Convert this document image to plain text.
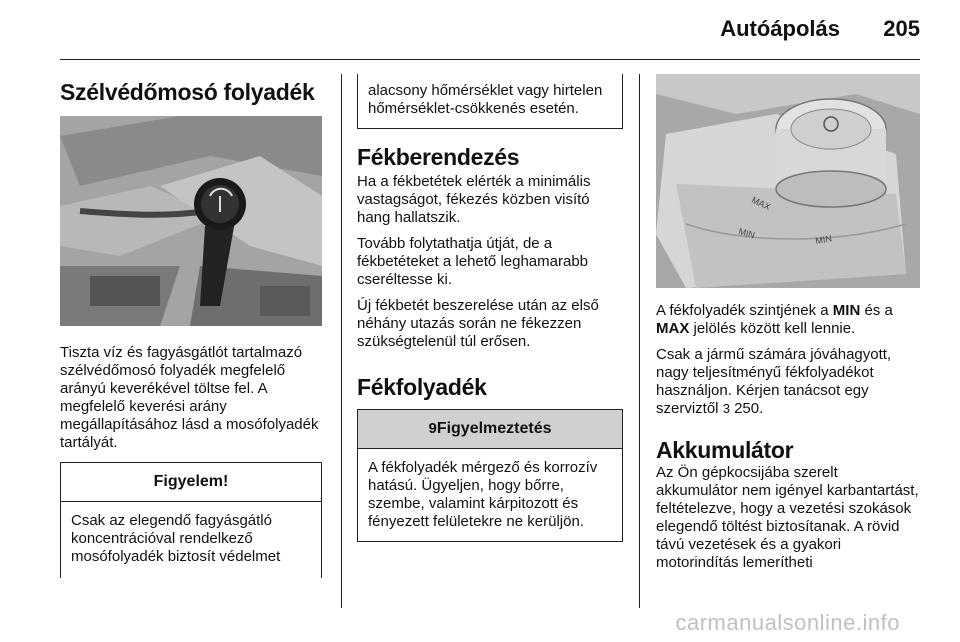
Autóápolás 205
Szélvédőmosó folyadék

Tiszta víz és fagyásgátlót tartalmazó szélvédőmosó folyadék megfelelő arányú keverékével töltse fel. A megfelelő keverési arány megállapításához lásd a mosófolyadék tartályát.

Figyelem!
Csak az elegendő fagyásgátló koncentrációval rendelkező mosófolyadék biztosít védelmet
alacsony hőmérséklet vagy hirtelen hőmérséklet-csökkenés esetén.
Fékberendezés

Ha a fékbetétek elérték a minimális vastagságot, fékezés közben visító hang hallatszik.

Tovább folytathatja útját, de a fékbetéteket a lehető leghamarabb cseréltesse ki.

Új fékbetét beszerelése után az első néhány utazás során ne fékezzen szükségtelenül túl erősen.

Fékfolyadék
9Figyelmeztetés
A fékfolyadék mérgező és korrozív hatású. Ügyeljen, hogy bőrre, szembe, valamint kárpitozott és fényezett felületekre ne kerüljön.
MAX
MIN	MIN

A fékfolyadék szintjének a MIN és a MAX jelölés között kell lennie.

Csak a jármű számára jóváhagyott, nagy teljesítményű fékfolyadékot használjon. Kérjen tanácsot egy szerviztől 3 250.

Akkumulátor

Az Ön gépkocsijába szerelt akkumulátor nem igényel karbantartást, feltételezve, hogy a vezetési szokások elegendő töltést biztosítanak. A rövid távú vezetések és a gyakori motorindítás lemerítheti

carmanualsonline.info
